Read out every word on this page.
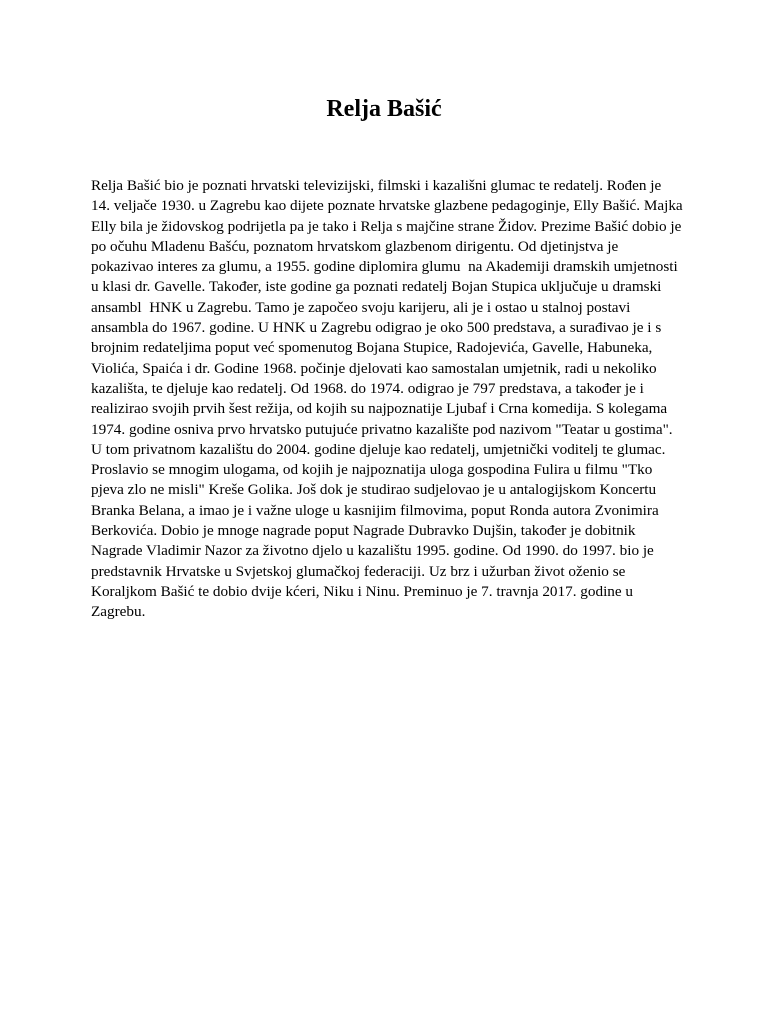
Relja Bašić

Relja Bašić bio je poznati hrvatski televizijski, filmski i kazališni glumac te redatelj. Rođen je
14. veljače 1930. u Zagrebu kao dijete poznate hrvatske glazbene pedagoginje, Elly Bašić. Majka
Elly bila je židovskog podrijetla pa je tako i Relja s majčine strane Židov. Prezime Bašić dobio je
po očuhu Mladenu Bašću, poznatom hrvatskom glazbenom dirigentu. Od djetinjstva je
pokazivao interes za glumu, a 1955. godine diplomira glumu  na Akademiji dramskih umjetnosti
u klasi dr. Gavelle. Također, iste godine ga poznati redatelj Bojan Stupica uključuje u dramski
ansambl  HNK u Zagrebu. Tamo je započeo svoju karijeru, ali je i ostao u stalnoj postavi
ansambla do 1967. godine. U HNK u Zagrebu odigrao je oko 500 predstava, a surađivao je i s
brojnim redateljima poput već spomenutog Bojana Stupice, Radojevića, Gavelle, Habuneka,
Violića, Spaića i dr. Godine 1968. počinje djelovati kao samostalan umjetnik, radi u nekoliko
kazališta, te djeluje kao redatelj. Od 1968. do 1974. odigrao je 797 predstava, a također je i
realizirao svojih prvih šest režija, od kojih su najpoznatije Ljubaf i Crna komedija. S kolegama
1974. godine osniva prvo hrvatsko putujuće privatno kazalište pod nazivom "Teatar u gostima".
U tom privatnom kazalištu do 2004. godine djeluje kao redatelj, umjetnički voditelj te glumac.
Proslavio se mnogim ulogama, od kojih je najpoznatija uloga gospodina Fulira u filmu "Tko
pjeva zlo ne misli" Kreše Golika. Još dok je studirao sudjelovao je u antalogijskom Koncertu
Branka Belana, a imao je i važne uloge u kasnijim filmovima, poput Ronda autora Zvonimira
Berkovića. Dobio je mnoge nagrade poput Nagrade Dubravko Dujšin, također je dobitnik
Nagrade Vladimir Nazor za životno djelo u kazalištu 1995. godine. Od 1990. do 1997. bio je
predstavnik Hrvatske u Svjetskoj glumačkoj federaciji. Uz brz i užurban život oženio se
Koraljkom Bašić te dobio dvije kćeri, Niku i Ninu. Preminuo je 7. travnja 2017. godine u
Zagrebu.
